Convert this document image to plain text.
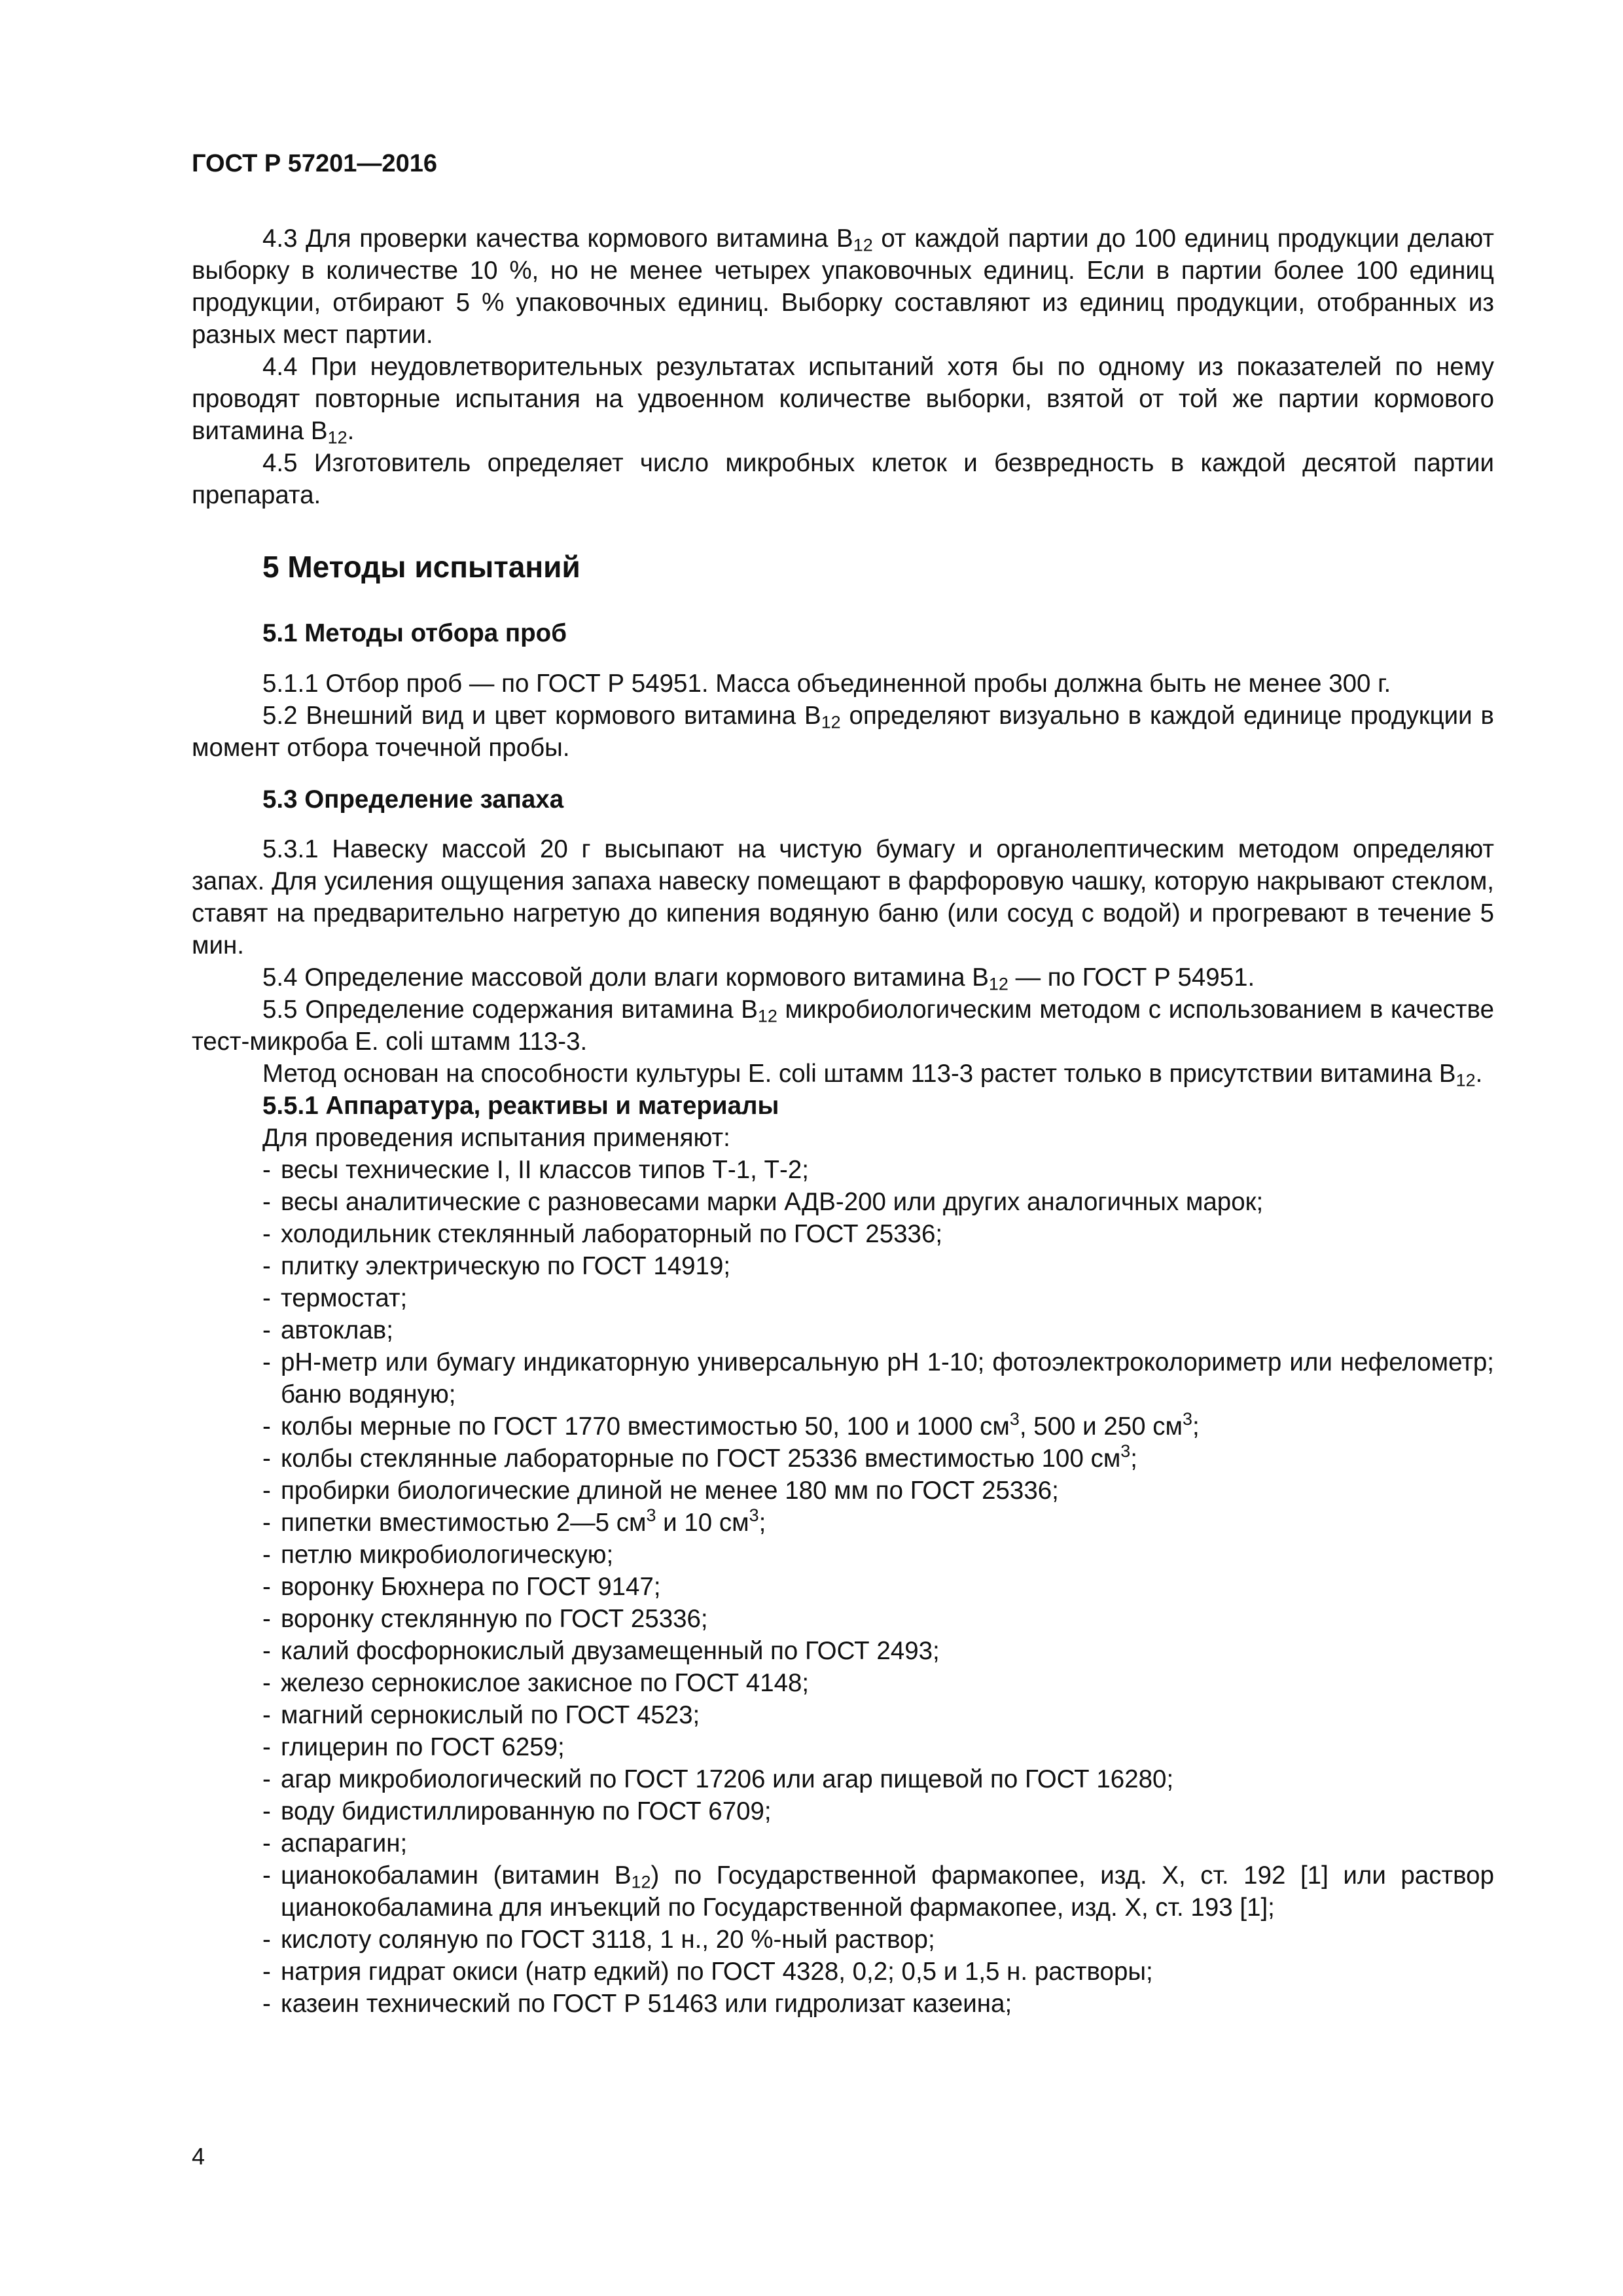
ГОСТ Р 57201—2016

4.3 Для проверки качества кормового витамина $В_{12}$ от каждой партии до 100 единиц продукции делают выборку в количестве 10 %, но не менее четырех упаковочных единиц. Если в партии более 100 единиц продукции, отбирают 5 % упаковочных единиц. Выборку составляют из единиц продукции, отобранных из разных мест партии.

4.4 При неудовлетворительных результатах испытаний хотя бы по одному из показателей по нему проводят повторные испытания на удвоенном количестве выборки, взятой от той же партии кормового витамина $В_{12}$.

4.5 Изготовитель определяет число микробных клеток и безвредность в каждой десятой партии препарата.

5 Методы испытаний

5.1 Методы отбора проб

5.1.1 Отбор проб — по ГОСТ Р 54951. Масса объединенной пробы должна быть не менее 300 г.

5.2 Внешний вид и цвет кормового витамина $В_{12}$ определяют визуально в каждой единице продукции в момент отбора точечной пробы.

5.3 Определение запаха

5.3.1 Навеску массой 20 г высыпают на чистую бумагу и органолептическим методом определяют запах. Для усиления ощущения запаха навеску помещают в фарфоровую чашку, которую накрывают стеклом, ставят на предварительно нагретую до кипения водяную баню (или сосуд с водой) и прогревают в течение 5 мин.

5.4 Определение массовой доли влаги кормового витамина $В_{12}$ — по ГОСТ Р 54951.

5.5 Определение содержания витамина $В_{12}$ микробиологическим методом с использованием в качестве тест-микроба E. coli штамм 113-3.

Метод основан на способности культуры E. coli штамм 113-3 растет только в присутствии витамина $В_{12}$.

5.5.1 Аппаратура, реактивы и материалы

Для проведения испытания применяют:

- весы технические I, II классов типов Т-1, Т-2;
- весы аналитические с разновесами марки АДВ-200 или других аналогичных марок;
- холодильник стеклянный лабораторный по ГОСТ 25336;
- плитку электрическую по ГОСТ 14919;
- термостат;
- автоклав;
- pH-метр или бумагу индикаторную универсальную pH 1-10; фотоэлектроколориметр или нефелометр; баню водяную;
- колбы мерные по ГОСТ 1770 вместимостью 50, 100 и 1000 $см^3$, 500 и 250 $см^3$;
- колбы стеклянные лабораторные по ГОСТ 25336 вместимостью 100 $см^3$;
- пробирки биологические длиной не менее 180 мм по ГОСТ 25336;
- пипетки вместимостью 2—5 $см^3$ и 10 $см^3$;
- петлю микробиологическую;
- воронку Бюхнера по ГОСТ 9147;
- воронку стеклянную по ГОСТ 25336;
- калий фосфорнокислый двузамещенный по ГОСТ 2493;
- железо сернокислое закисное по ГОСТ 4148;
- магний сернокислый по ГОСТ 4523;
- глицерин по ГОСТ 6259;
- агар микробиологический по ГОСТ 17206 или агар пищевой по ГОСТ 16280;
- воду бидистиллированную по ГОСТ 6709;
- аспарагин;
- цианокобаламин (витамин $В_{12}$) по Государственной фармакопее, изд. X, ст. 192 [1] или раствор цианокобаламина для инъекций по Государственной фармакопее, изд. X, ст. 193 [1];
- кислоту соляную по ГОСТ 3118, 1 н., 20 %-ный раствор;
- натрия гидрат окиси (натр едкий) по ГОСТ 4328, 0,2; 0,5 и 1,5 н. растворы;
- казеин технический по ГОСТ Р 51463 или гидролизат казеина;
4
